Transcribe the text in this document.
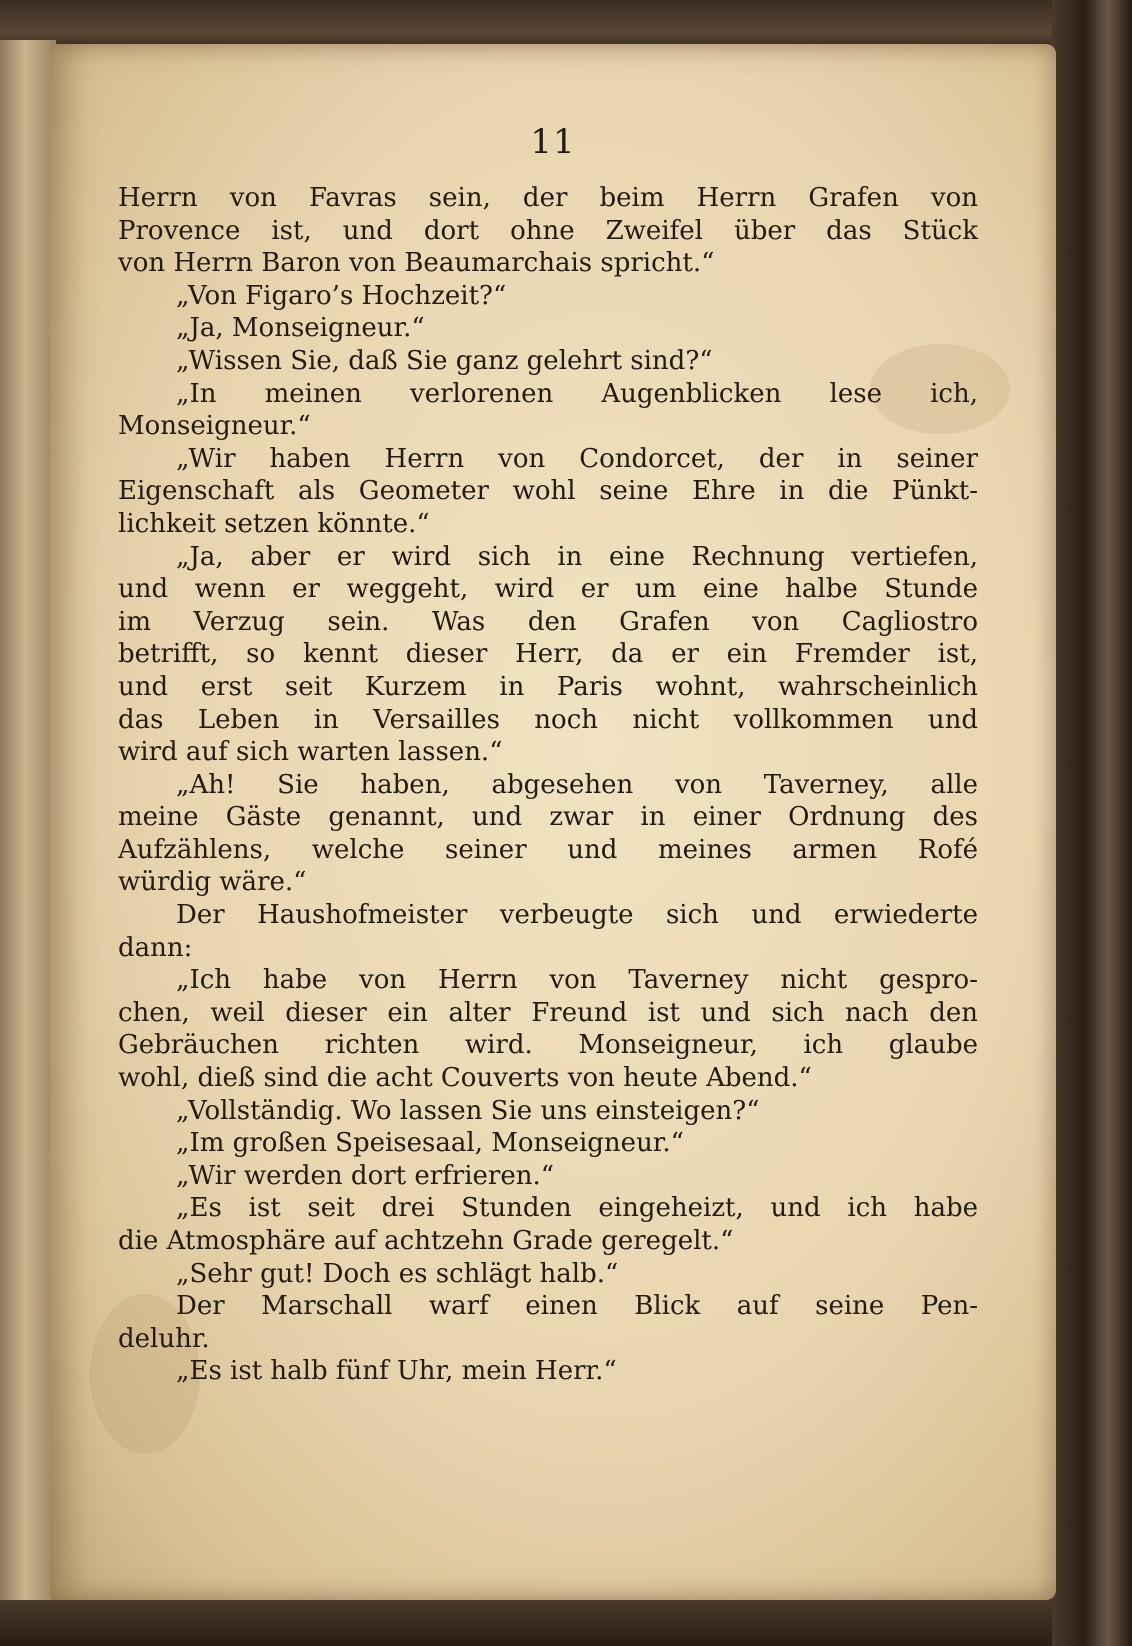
11
Herrn von Favras sein, der beim Herrn Grafen von
Provence ist, und dort ohne Zweifel über das Stück
von Herrn Baron von Beaumarchais spricht.“
„Von Figaro’s Hochzeit?“
„Ja, Monseigneur.“
„Wissen Sie, daß Sie ganz gelehrt sind?“
„In meinen verlorenen Augenblicken lese ich,
Monseigneur.“
„Wir haben Herrn von Condorcet, der in seiner
Eigenschaft als Geometer wohl seine Ehre in die Pünkt-
lichkeit setzen könnte.“
„Ja, aber er wird sich in eine Rechnung vertiefen,
und wenn er weggeht, wird er um eine halbe Stunde
im Verzug sein. Was den Grafen von Cagliostro
betrifft, so kennt dieser Herr, da er ein Fremder ist,
und erst seit Kurzem in Paris wohnt, wahrscheinlich
das Leben in Versailles noch nicht vollkommen und
wird auf sich warten lassen.“
„Ah! Sie haben, abgesehen von Taverney, alle
meine Gäste genannt, und zwar in einer Ordnung des
Aufzählens, welche seiner und meines armen Rofé
würdig wäre.“
Der Haushofmeister verbeugte sich und erwiederte
dann:
„Ich habe von Herrn von Taverney nicht gespro-
chen, weil dieser ein alter Freund ist und sich nach den
Gebräuchen richten wird. Monseigneur, ich glaube
wohl, dieß sind die acht Couverts von heute Abend.“
„Vollständig. Wo lassen Sie uns einsteigen?“
„Im großen Speisesaal, Monseigneur.“
„Wir werden dort erfrieren.“
„Es ist seit drei Stunden eingeheizt, und ich habe
die Atmosphäre auf achtzehn Grade geregelt.“
„Sehr gut! Doch es schlägt halb.“
Der Marschall warf einen Blick auf seine Pen-
deluhr.
„Es ist halb fünf Uhr, mein Herr.“
